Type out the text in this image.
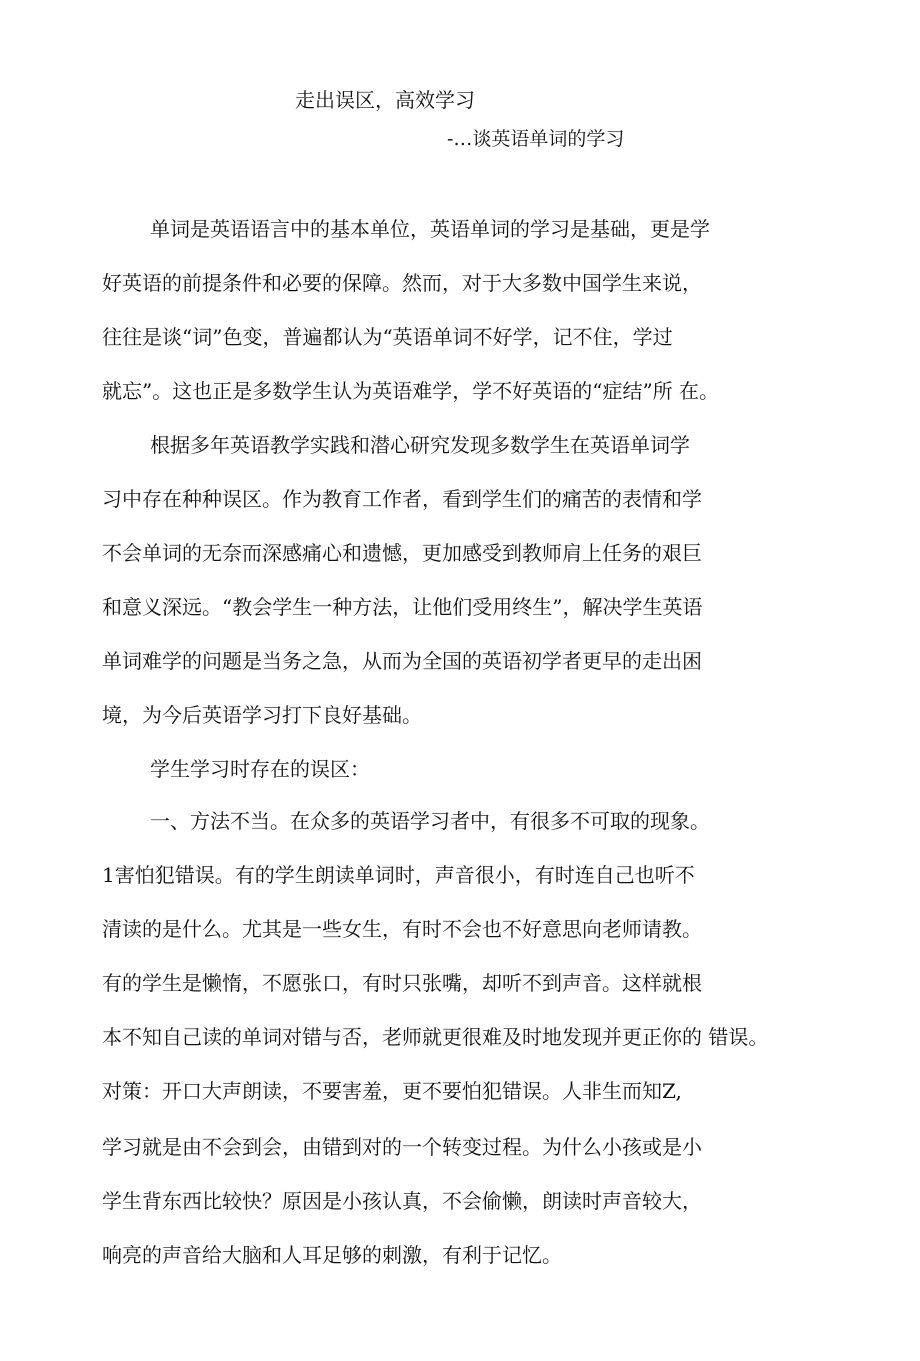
走出误区，高效学习
-…谈英语单词的学习
单词是英语语言中的基本单位，英语单词的学习是基础，更是学
好英语的前提条件和必要的保障。然而，对于大多数中国学生来说，
往往是谈“词”色变，普遍都认为“英语单词不好学，记不住，学过
就忘”。这也正是多数学生认为英语难学，学不好英语的“症结”所 在。
根据多年英语教学实践和潜心研究发现多数学生在英语单词学
习中存在种种误区。作为教育工作者，看到学生们的痛苦的表情和学
不会单词的无奈而深感痛心和遗憾，更加感受到教师肩上任务的艰巨
和意义深远。“教会学生一种方法，让他们受用终生”，解决学生英语
单词难学的问题是当务之急，从而为全国的英语初学者更早的走出困
境，为今后英语学习打下良好基础。
学生学习时存在的误区：
一、方法不当。在众多的英语学习者中，有很多不可取的现象。
1害怕犯错误。有的学生朗读单词时，声音很小，有时连自己也听不
清读的是什么。尤其是一些女生，有时不会也不好意思向老师请教。
有的学生是懒惰，不愿张口，有时只张嘴，却听不到声音。这样就根
本不知自己读的单词对错与否，老师就更很难及时地发现并更正你的 错误。
对策：开口大声朗读，不要害羞，更不要怕犯错误。人非生而知Z,
学习就是由不会到会，由错到对的一个转变过程。为什么小孩或是小
学生背东西比较快？原因是小孩认真，不会偷懒，朗读时声音较大，
响亮的声音给大脑和人耳足够的刺激，有利于记忆。
